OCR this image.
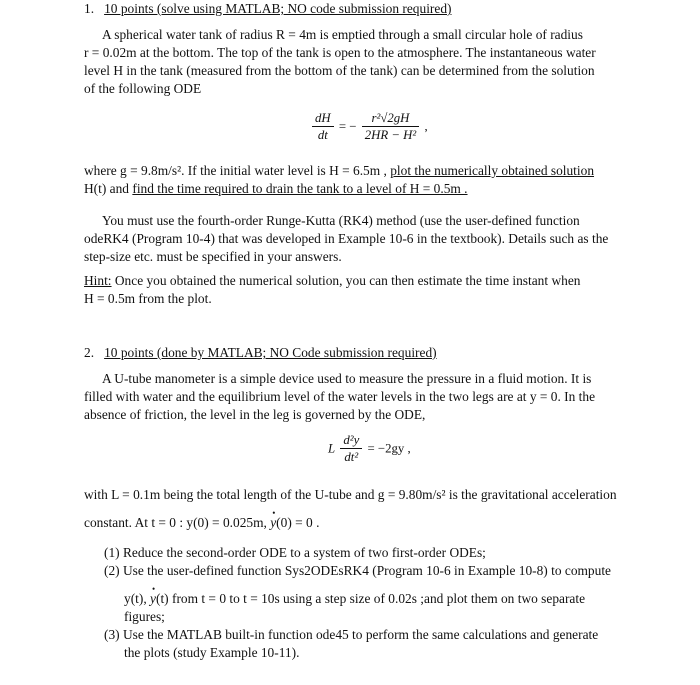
1. 10 points (solve using MATLAB; NO code submission required)
A spherical water tank of radius R = 4m is emptied through a small circular hole of radius
r = 0.02m at the bottom. The top of the tank is open to the atmosphere. The instantaneous water
level H in the tank (measured from the bottom of the tank) can be determined from the solution
of the following ODE
$\frac{dH}{dt}$ = − $\frac{\text{r²√2gH}}{\text{2HR − H²}}$ ,
where g = 9.8m/s². If the initial water level is H = 6.5m , plot the numerically obtained solution
H(t) and find the time required to drain the tank to a level of H = 0.5m .
You must use the fourth-order Runge-Kutta (RK4) method (use the user-defined function
odeRK4 (Program 10-4) that was developed in Example 10-6 in the textbook). Details such as the
step-size etc. must be specified in your answers.
Hint: Once you obtained the numerical solution, you can then estimate the time instant when
H = 0.5m from the plot.
2. 10 points (done by MATLAB; NO Code submission required)
A U-tube manometer is a simple device used to measure the pressure in a fluid motion. It is
filled with water and the equilibrium level of the water levels in the two legs are at y = 0. In the
absence of friction, the level in the leg is governed by the ODE,
L $\frac{\text{d²y}}{\text{dt²}} = -2gy$ ,
with L = 0.1m being the total length of the U-tube and g = 9.80m/s² is the gravitational acceleration
constant. At t = 0 : y(0) = 0.025m, • y(0) = 0 .
(1) Reduce the second-order ODE to a system of two first-order ODEs;
(2) Use the user-defined function Sys2ODEsRK4 (Program 10-6 in Example 10-8) to compute
y(t), • y(t) from t = 0 to t = 10s using a step size of 0.02s ;and plot them on two separate
figures;
(3) Use the MATLAB built-in function ode45 to perform the same calculations and generate
the plots (study Example 10-11).
